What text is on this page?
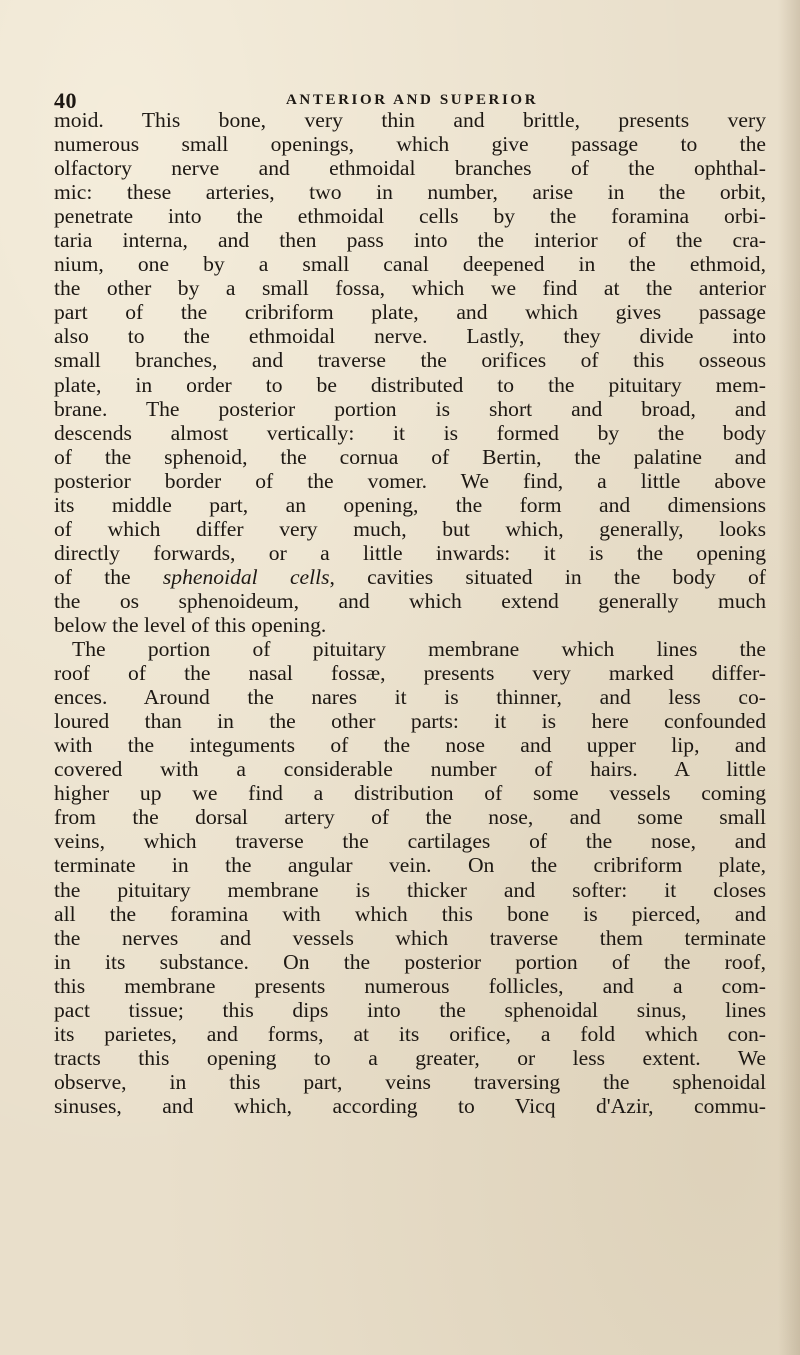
40	ANTERIOR AND SUPERIOR
moid. This bone, very thin and brittle, presents very
numerous small openings, which give passage to the
olfactory nerve and ethmoidal branches of the ophthal-
mic: these arteries, two in number, arise in the orbit,
penetrate into the ethmoidal cells by the foramina orbi-
taria interna, and then pass into the interior of the cra-
nium, one by a small canal deepened in the ethmoid,
the other by a small fossa, which we find at the anterior
part of the cribriform plate, and which gives passage
also to the ethmoidal nerve. Lastly, they divide into
small branches, and traverse the orifices of this osseous
plate, in order to be distributed to the pituitary mem-
brane. The posterior portion is short and broad, and
descends almost vertically: it is formed by the body
of the sphenoid, the cornua of Bertin, the palatine and
posterior border of the vomer. We find, a little above
its middle part, an opening, the form and dimensions
of which differ very much, but which, generally, looks
directly forwards, or a little inwards: it is the opening
of the sphenoidal cells, cavities situated in the body of
the os sphenoideum, and which extend generally much
below the level of this opening.
The portion of pituitary membrane which lines the
roof of the nasal fossæ, presents very marked differ-
ences. Around the nares it is thinner, and less co-
loured than in the other parts: it is here confounded
with the integuments of the nose and upper lip, and
covered with a considerable number of hairs. A little
higher up we find a distribution of some vessels coming
from the dorsal artery of the nose, and some small
veins, which traverse the cartilages of the nose, and
terminate in the angular vein. On the cribriform plate,
the pituitary membrane is thicker and softer: it closes
all the foramina with which this bone is pierced, and
the nerves and vessels which traverse them terminate
in its substance. On the posterior portion of the roof,
this membrane presents numerous follicles, and a com-
pact tissue; this dips into the sphenoidal sinus, lines
its parietes, and forms, at its orifice, a fold which con-
tracts this opening to a greater, or less extent. We
observe, in this part, veins traversing the sphenoidal
sinuses, and which, according to Vicq d'Azir, commu-
